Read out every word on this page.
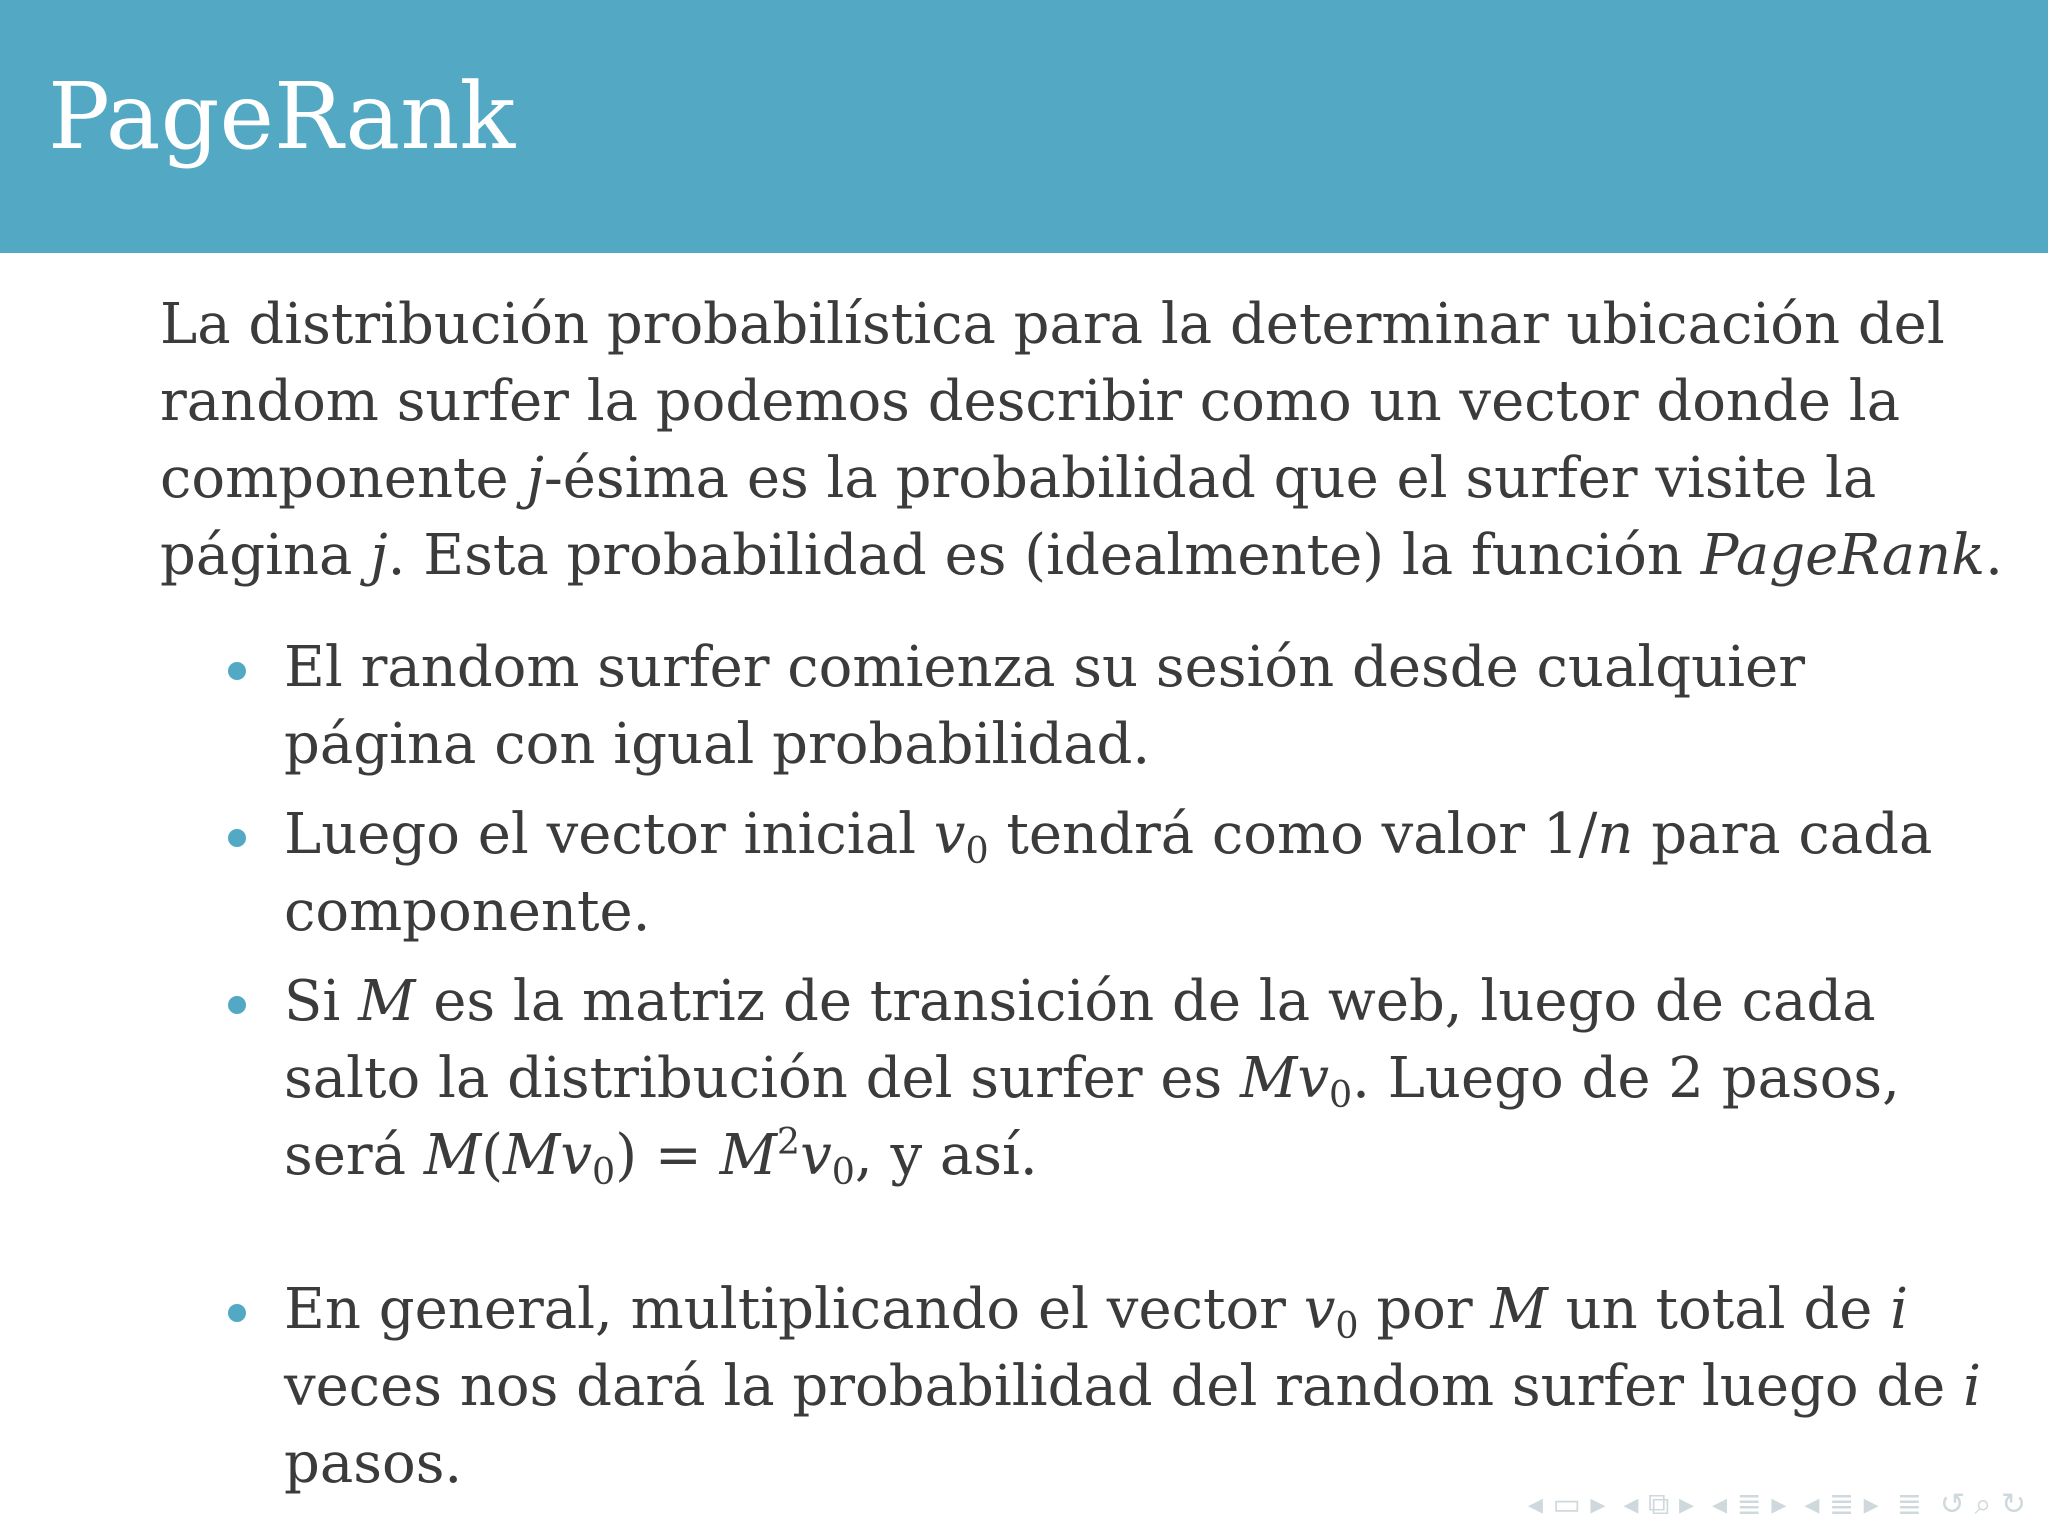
PageRank

La distribución probabilística para la determinar ubicación del

random surfer la podemos describir como un vector donde la

componente j-ésima es la probabilidad que el surfer visite la

página j. Esta probabilidad es (idealmente) la función PageRank.

El random surfer comienza su sesión desde cualquier
página con igual probabilidad.
Luego el vector inicial $v_0$ tendrá como valor 1/n para cada
componente.
Si M es la matriz de transición de la web, luego de cada
salto la distribución del surfer es $Mv_0$. Luego de 2 pasos,
será $M(Mv_0) = M^2v_0$, y así.
En general, multiplicando el vector $v_0$ por M un total de i
veces nos dará la probabilidad del random surfer luego de i
pasos.
◂ ▭ ▸ ◂ ⧉ ▸ ◂ ≣ ▸ ◂ ≣ ▸ ≣ ↺ ⌕ ↻
